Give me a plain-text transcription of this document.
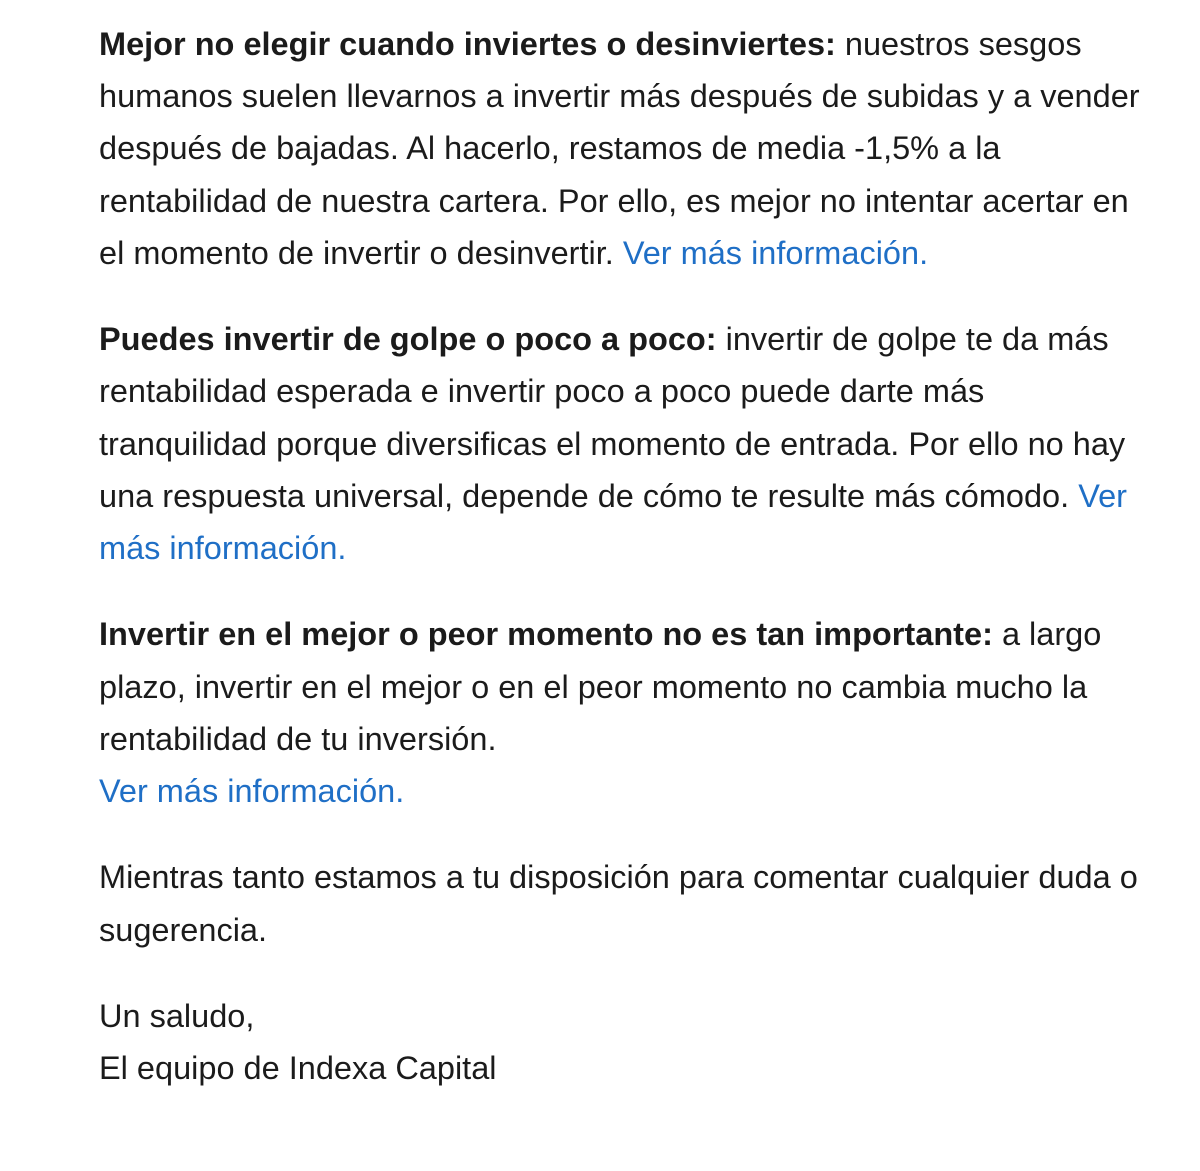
Mejor no elegir cuando inviertes o desinviertes: nuestros sesgos humanos suelen llevarnos a invertir más después de subidas y a vender después de bajadas. Al hacerlo, restamos de media -1,5% a la rentabilidad de nuestra cartera. Por ello, es mejor no intentar acertar en el momento de invertir o desinvertir. Ver más información.

Puedes invertir de golpe o poco a poco: invertir de golpe te da más rentabilidad esperada e invertir poco a poco puede darte más tranquilidad porque diversificas el momento de entrada. Por ello no hay una respuesta universal, depende de cómo te resulte más cómodo. Ver más información.

Invertir en el mejor o peor momento no es tan importante: a largo plazo, invertir en el mejor o en el peor momento no cambia mucho la rentabilidad de tu inversión.
Ver más información.

Mientras tanto estamos a tu disposición para comentar cualquier duda o sugerencia.

Un saludo,
El equipo de Indexa Capital
